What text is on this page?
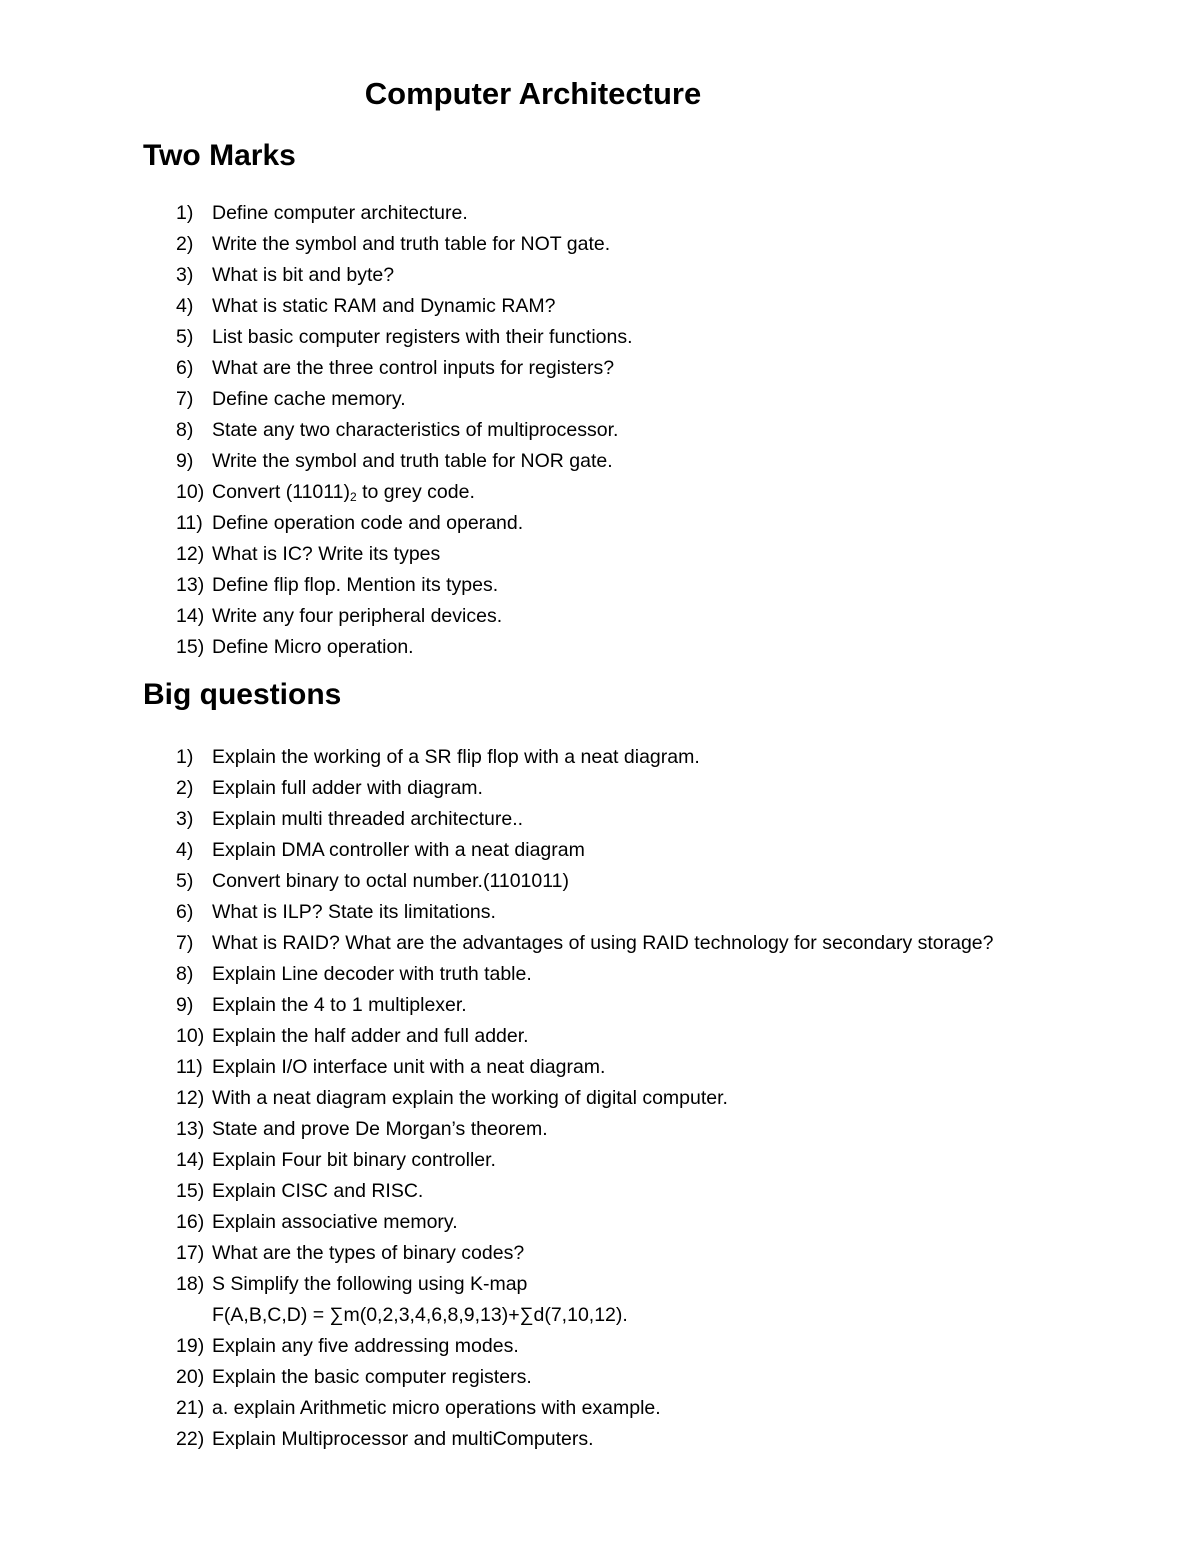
Computer Architecture
Two Marks
1) Define computer architecture.
2) Write the symbol and truth table for NOT gate.
3) What is bit and byte?
4) What is static RAM and Dynamic RAM?
5) List basic computer registers with their functions.
6) What are the three control inputs for registers?
7) Define cache memory.
8) State any two characteristics of multiprocessor.
9) Write the symbol and truth table for NOR gate.
10) Convert $(11011)_2$ to grey code.
11) Define operation code and operand.
12) What is IC? Write its types
13) Define flip flop. Mention its types.
14) Write any four peripheral devices.
15) Define Micro operation.
Big questions
1) Explain the working of a SR flip flop with a neat diagram.
2) Explain full adder with diagram.
3) Explain multi threaded architecture..
4) Explain DMA controller with a neat diagram
5) Convert binary to octal number.(1101011)
6) What is ILP? State its limitations.
7) What is RAID? What are the advantages of using RAID technology for secondary storage?
8) Explain Line decoder with truth table.
9) Explain the 4 to 1 multiplexer.
10) Explain the half adder and full adder.
11) Explain I/O interface unit with a neat diagram.
12) With a neat diagram explain the working of digital computer.
13) State and prove De Morgan’s theorem.
14) Explain Four bit binary controller.
15) Explain CISC and RISC.
16) Explain associative memory.
17) What are the types of binary codes?
18) S Simplify the following using K-map
F(A,B,C,D) = ∑m(0,2,3,4,6,8,9,13)+∑d(7,10,12).
19) Explain any five addressing modes.
20) Explain the basic computer registers.
21) a. explain Arithmetic micro operations with example.
22) Explain Multiprocessor and multiComputers.
